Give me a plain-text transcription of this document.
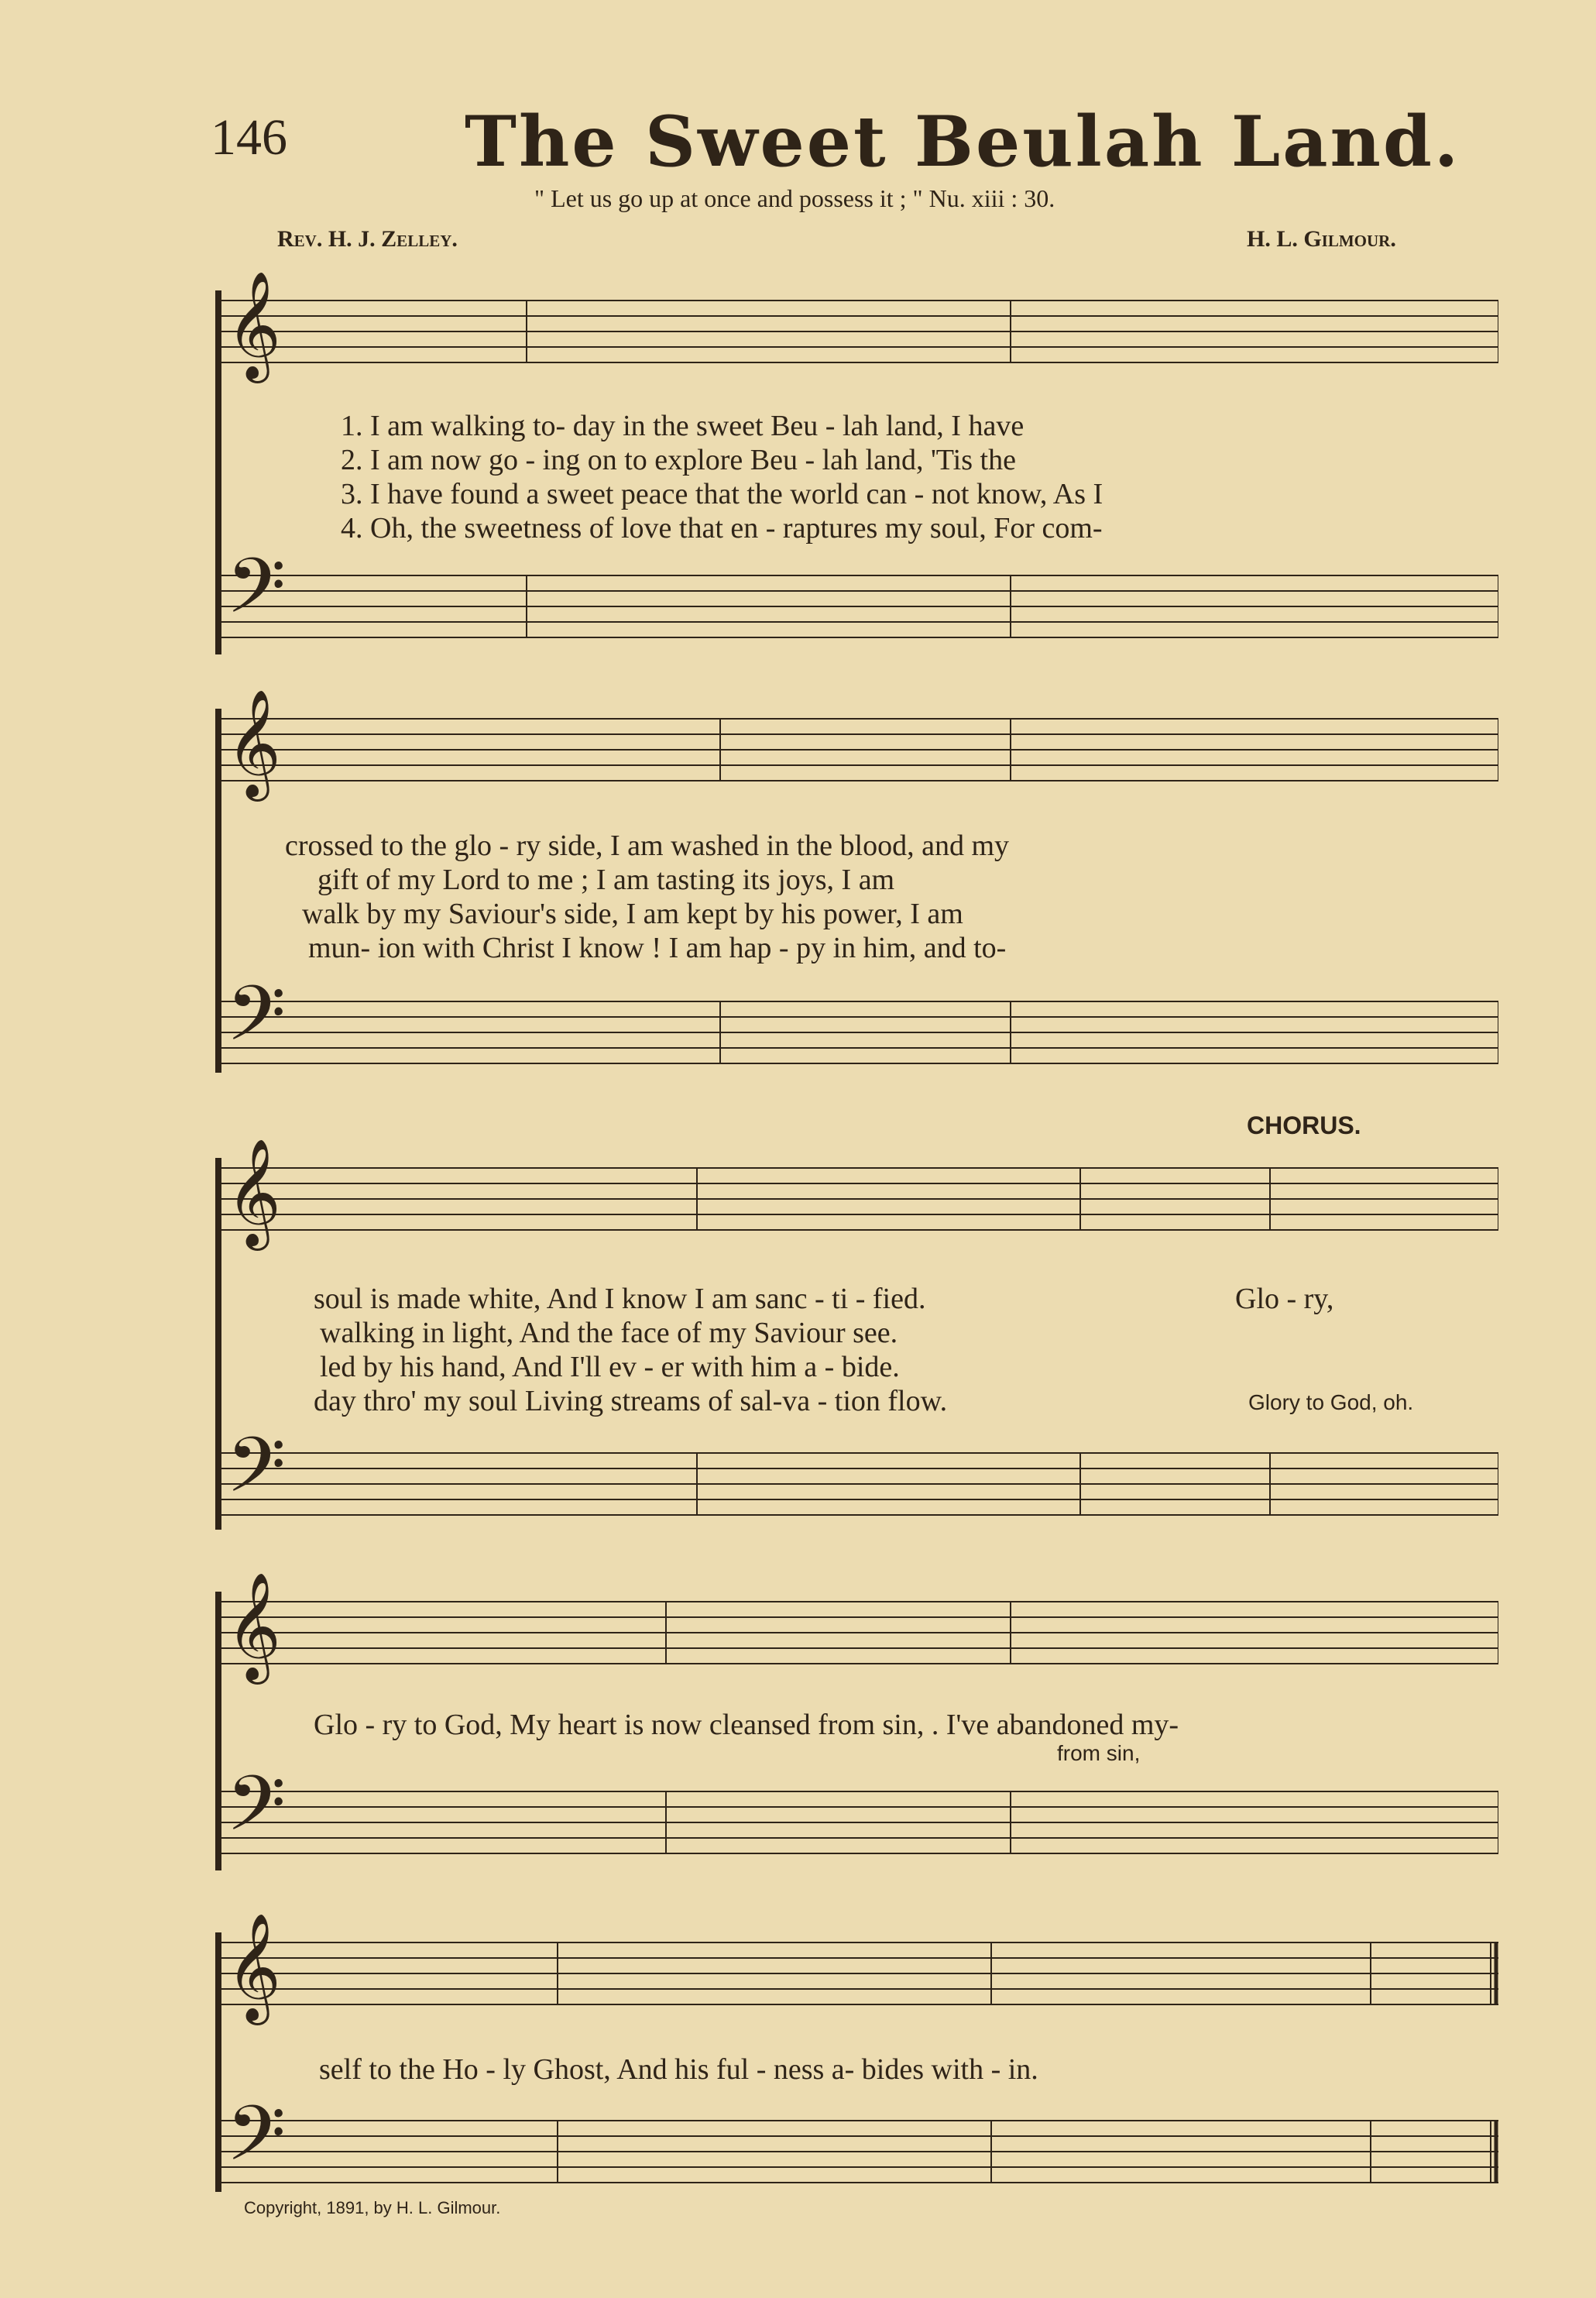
146	The Sweet Beulah Land.
" Let us go up at once and possess it ; " Nu. xiii : 30.
Rev. H. J. Zelley.	H. L. Gilmour.
𝄞
1. I am walking to- day in the sweet Beu - lah land, I have
2. I am now go - ing on to explore Beu - lah land, 'Tis the
3. I have found a sweet peace that the world can - not know, As I
4. Oh, the sweetness of love that en - raptures my soul, For com-
𝄢
𝄞
crossed to the glo - ry side, I am washed in the blood, and my
gift of my Lord to me ; I am tasting its joys, I am
walk by my Saviour's side, I am kept by his power, I am
mun- ion with Christ I know ! I am hap - py in him, and to-
𝄢
CHORUS.
𝄞
soul is made white, And I know I am sanc - ti - fied.
walking in light, And the face of my Saviour see.
led by his hand, And I'll ev - er with him a - bide.
day thro' my soul Living streams of sal-va - tion flow.
Glo - ry,
Glory to God, oh.
𝄢
𝄞
Glo - ry to God, My heart is now cleansed from sin, . I've abandoned my-
from sin,
𝄢
𝄞
self to the Ho - ly Ghost, And his ful - ness a- bides with - in.
𝄢
Copyright, 1891, by H. L. Gilmour.
